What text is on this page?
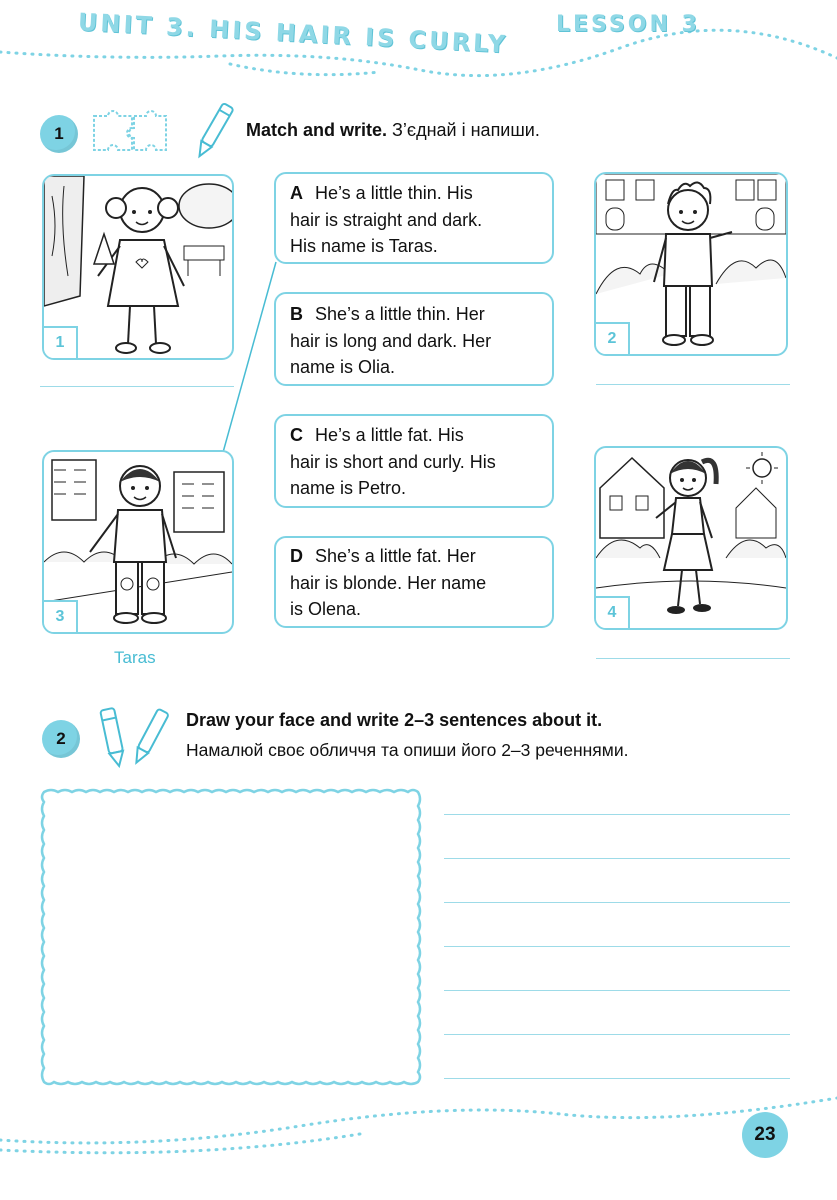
UNIT 3. HIS HAIR IS CURLY LESSON 3
1	Match and write. З’єднай і напиши.
1
3
Taras
2
4
A He’s a little thin. His
hair is straight and dark.
His name is Taras.
B She’s a little thin. Her
hair is long and dark. Her
name is Olia.
C He’s a little fat. His
hair is short and curly. His
name is Petro.
D She’s a little fat. Her
hair is blonde. Her name
is Olena.
2
Draw your face and write 2–3 sentences about it.
Намалюй своє обличчя та опиши його 2–3 реченнями.
23
